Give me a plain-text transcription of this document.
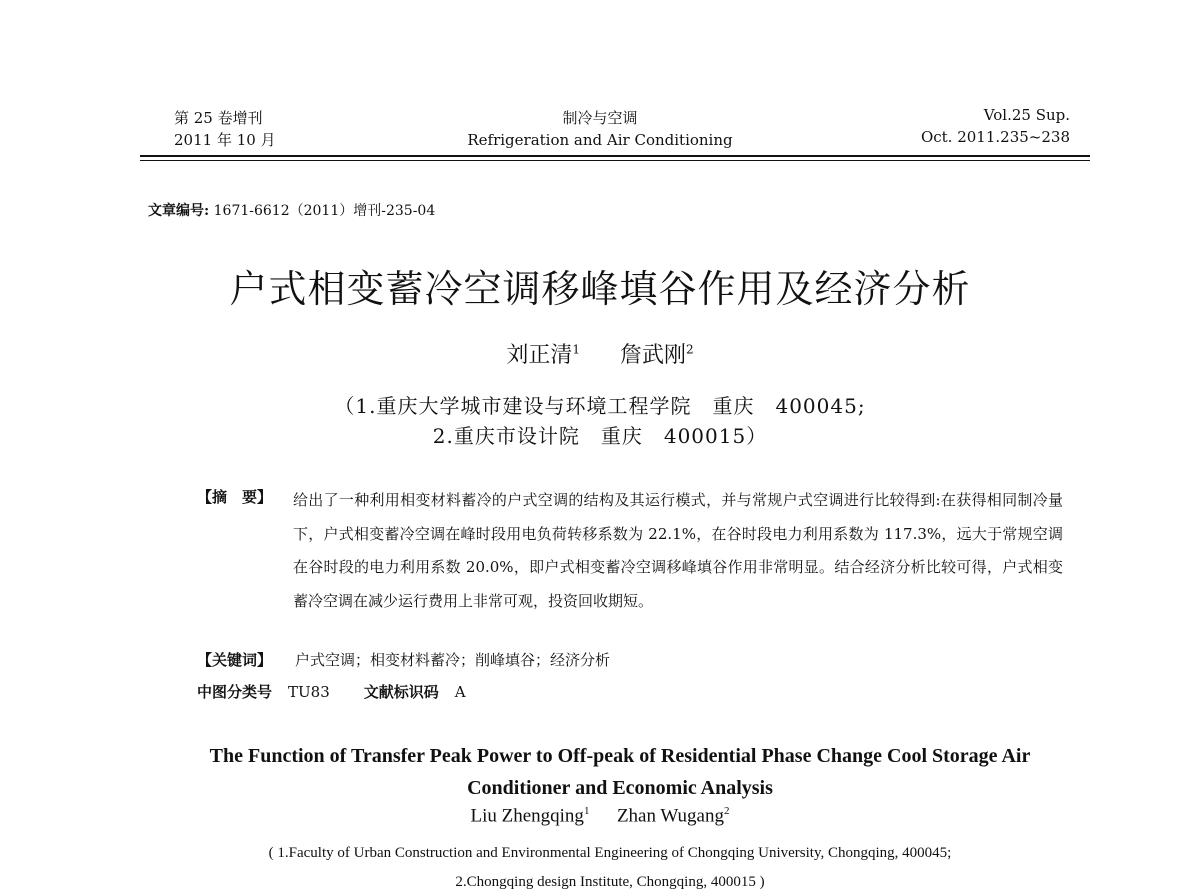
第 25 卷增刊
2011 年 10 月
制冷与空调
Refrigeration and Air Conditioning
Vol.25 Sup.
Oct. 2011.235~238
文章编号: 1671-6612（2011）增刊-235-04
户式相变蓄冷空调移峰填谷作用及经济分析
刘正清$^1$ 詹武刚$^2$
（1.重庆大学城市建设与环境工程学院　重庆　400045;
2.重庆市设计院　重庆　400015）
【摘　要】 给出了一种利用相变材料蓄冷的户式空调的结构及其运行模式，并与常规户式空调进行比较得到:在获得相同制冷量下，户式相变蓄冷空调在峰时段用电负荷转移系数为 22.1%，在谷时段电力利用系数为 117.3%，远大于常规空调在谷时段的电力利用系数 20.0%，即户式相变蓄冷空调移峰填谷作用非常明显。结合经济分析比较可得，户式相变蓄冷空调在减少运行费用上非常可观，投资回收期短。
【关键词】 户式空调；相变材料蓄冷；削峰填谷；经济分析
中图分类号 TU83 文献标识码 A
The Function of Transfer Peak Power to Off-peak of Residential Phase Change Cool Storage Air Conditioner and Economic Analysis
Liu Zhengqing$^1$ Zhan Wugang$^2$
( 1.Faculty of Urban Construction and Environmental Engineering of Chongqing University, Chongqing, 400045;
2.Chongqing design Institute, Chongqing, 400015 )
